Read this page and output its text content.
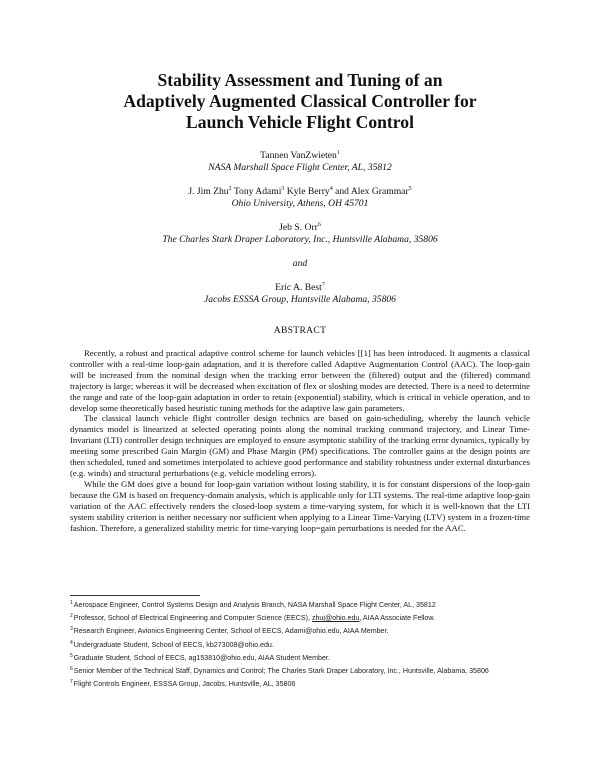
Stability Assessment and Tuning of an
Adaptively Augmented Classical Controller for
Launch Vehicle Flight Control
Tannen VanZwieten$^1$
NASA Marshall Space Flight Center, AL, 35812
J. Jim Zhu$^2$ Tony Adami$^3$ Kyle Berry$^4$ and Alex Grammar$^5$
Ohio University, Athens, OH 45701
Jeb S. Orr$^6$
The Charles Stark Draper Laboratory, Inc., Huntsville Alabama, 35806
and
Eric A. Best$^7$
Jacobs ESSSA Group, Huntsville Alabama, 35806
ABSTRACT

Recently, a robust and practical adaptive control scheme for launch vehicles [[1] has been introduced. It augments a classical controller with a real-time loop-gain adaptation, and it is therefore called Adaptive Augmentation Control (AAC). The loop-gain will be increased from the nominal design when the tracking error between the (filtered) output and the (filtered) command trajectory is large; whereas it will be decreased when excitation of flex or sloshing modes are detected. There is a need to determine the range and rate of the loop-gain adaptation in order to retain (exponential) stability, which is critical in vehicle operation, and to develop some theoretically based heuristic tuning methods for the adaptive law gain parameters.

The classical launch vehicle flight controller design technics are based on gain-scheduling, whereby the launch vehicle dynamics model is linearized at selected operating points along the nominal tracking command trajectory, and Linear Time-Invariant (LTI) controller design techniques are employed to ensure asymptotic stability of the tracking error dynamics, typically by meeting some prescribed Gain Margin (GM) and Phase Margin (PM) specifications. The controller gains at the design points are then scheduled, tuned and sometimes interpolated to achieve good performance and stability robustness under external disturbances (e.g. winds) and structural perturbations (e.g. vehicle modeling errors).

While the GM does give a bound for loop-gain variation without losing stability, it is for constant dispersions of the loop-gain because the GM is based on frequency-domain analysis, which is applicable only for LTI systems. The real-time adaptive loop-gain variation of the AAC effectively renders the closed-loop system a time-varying system, for which it is well-known that the LTI system stability criterion is neither necessary nor sufficient when applying to a Linear Time-Varying (LTV) system in a frozen-time fashion. Therefore, a generalized stability metric for time-varying loop=gain perturbations is needed for the AAC.

$^1$Aerospace Engineer, Control Systems Design and Analysis Branch, NASA Marshall Space Flight Center, AL, 35812
$^2$Professor, School of Electrical Engineering and Computer Science (EECS), zhuj@ohio.edu, AIAA Associate Fellow.
$^3$Research Engineer, Avionics Engineering Center, School of EECS, Adami@ohio.edu, AIAA Member.
$^4$Undergraduate Student, School of EECS, kb273008@ohio.edu.
$^5$Graduate Student, School of EECS, ag153810@ohio.edu, AIAA Student Member.
$^6$Senior Member of the Technical Staff, Dynamics and Control; The Charles Stark Draper Laboratory, Inc., Huntsville, Alabama, 35806
$^7$Flight Controls Engineer, ESSSA Group, Jacobs, Huntsville, AL, 35806
